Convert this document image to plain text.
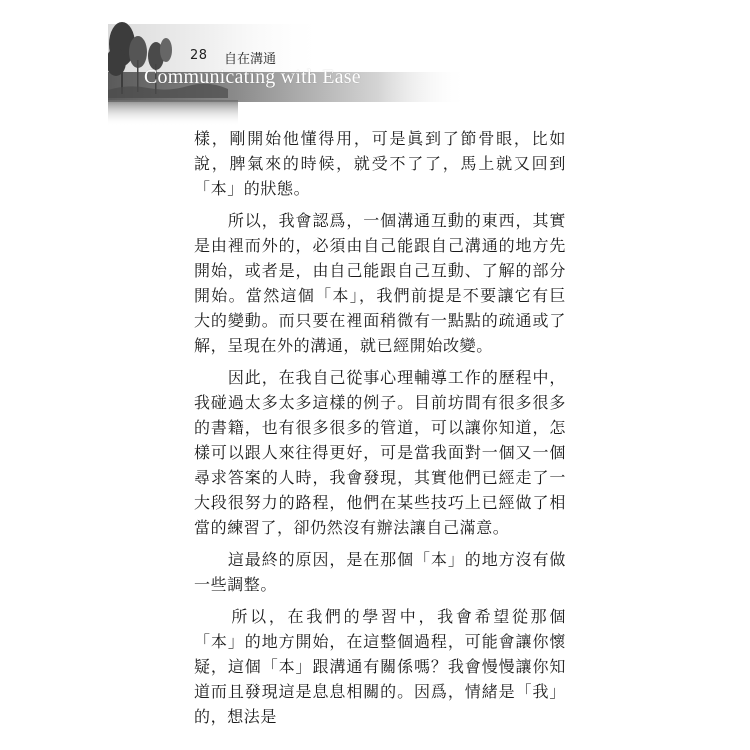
28 自在溝通
Communicating with Ease

樣，剛開始他懂得用，可是眞到了節骨眼，比如說，脾氣來的時候，就受不了了，馬上就又回到「本」的狀態。

　　所以，我會認爲，一個溝通互動的東西，其實是由裡而外的，必須由自己能跟自己溝通的地方先開始，或者是，由自己能跟自己互動、了解的部分開始。當然這個「本」，我們前提是不要讓它有巨大的變動。而只要在裡面稍微有一點點的疏通或了解，呈現在外的溝通，就已經開始改變。

　　因此，在我自己從事心理輔導工作的歷程中，我碰過太多太多這樣的例子。目前坊間有很多很多的書籍，也有很多很多的管道，可以讓你知道，怎樣可以跟人來往得更好，可是當我面對一個又一個尋求答案的人時，我會發現，其實他們已經走了一大段很努力的路程，他們在某些技巧上已經做了相當的練習了，卻仍然沒有辦法讓自己滿意。

　　這最終的原因，是在那個「本」的地方沒有做一些調整。

　　所以，在我們的學習中，我會希望從那個「本」的地方開始，在這整個過程，可能會讓你懷疑，這個「本」跟溝通有關係嗎？我會慢慢讓你知道而且發現這是息息相關的。因爲，情緒是「我」的，想法是
